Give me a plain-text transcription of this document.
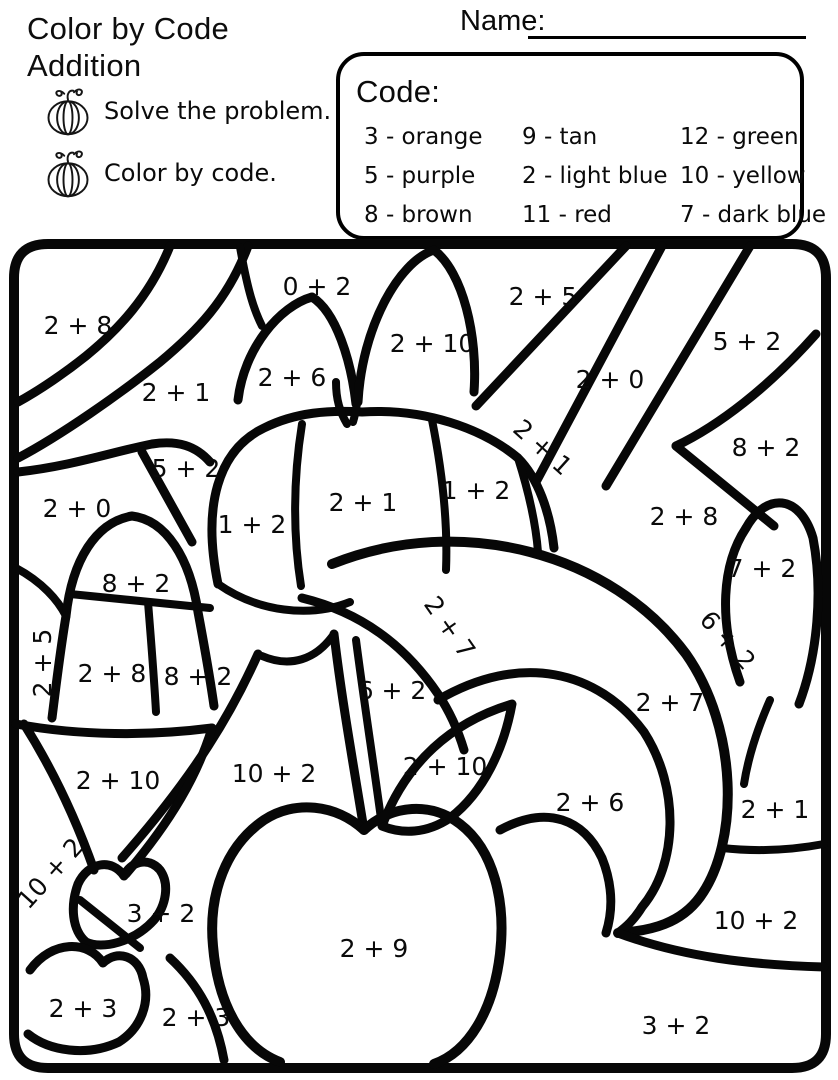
Color by Code
Addition
Name:
Solve the problem.
Color by code.
Code:
3 - orange	9 - tan	12 - green
5 - purple	2 - light blue 10 - yellow
8 - brown	11 - red	7 - dark blue
2 + 8
2 + 1
0 + 2
2 + 6
2 + 10
2 + 5
2 + 0
5 + 2
2 + 1	8 + 2
5 + 2
2 + 0
1 + 2
2 + 1 1 + 2
2 + 8
7 + 2
8 + 2
6 + 2
2 + 5 2 + 8 8 + 2
2 + 7
6 + 2	2 + 7
2 + 10	10 + 2	2 + 10
2 + 6	2 + 1
10 + 2 3 + 2	10 + 2
2 + 9
2 + 3 2 + 3	3 + 2
